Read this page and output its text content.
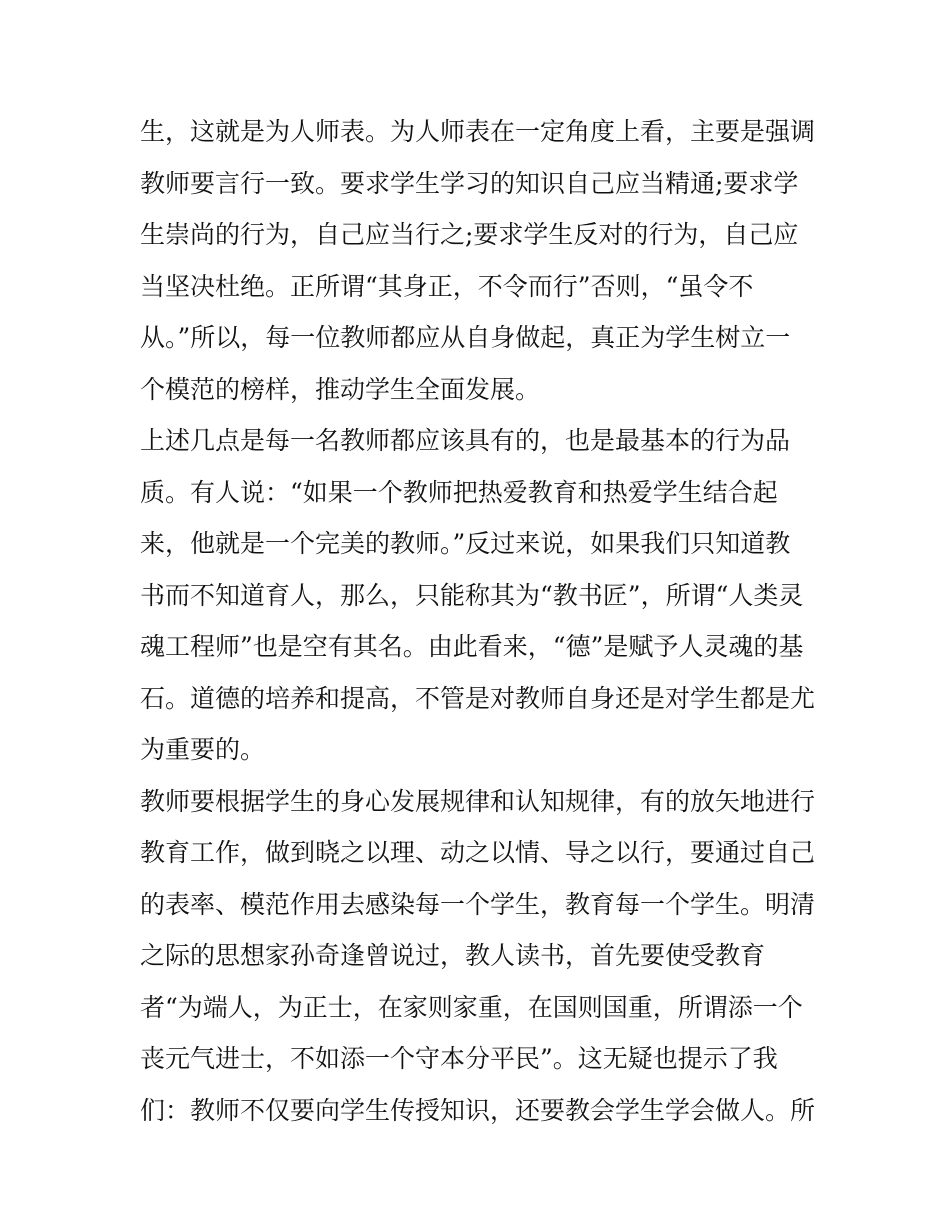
生，这就是为人师表。为人师表在一定角度上看，主要是强调
教师要言行一致。要求学生学习的知识自己应当精通;要求学
生崇尚的行为，自己应当行之;要求学生反对的行为，自己应
当坚决杜绝。正所谓“其身正，不令而行”否则，“虽令不
从。”所以，每一位教师都应从自身做起，真正为学生树立一
个模范的榜样，推动学生全面发展。
上述几点是每一名教师都应该具有的，也是最基本的行为品
质。有人说：“如果一个教师把热爱教育和热爱学生结合起
来，他就是一个完美的教师。”反过来说，如果我们只知道教
书而不知道育人，那么，只能称其为“教书匠”，所谓“人类灵
魂工程师”也是空有其名。由此看来，“德”是赋予人灵魂的基
石。道德的培养和提高，不管是对教师自身还是对学生都是尤
为重要的。
教师要根据学生的身心发展规律和认知规律，有的放矢地进行
教育工作，做到晓之以理、动之以情、导之以行，要通过自己
的表率、模范作用去感染每一个学生，教育每一个学生。明清
之际的思想家孙奇逢曾说过，教人读书，首先要使受教育
者“为端人，为正士，在家则家重，在国则国重，所谓添一个
丧元气进士，不如添一个守本分平民”。这无疑也提示了我
们：教师不仅要向学生传授知识，还要教会学生学会做人。所
